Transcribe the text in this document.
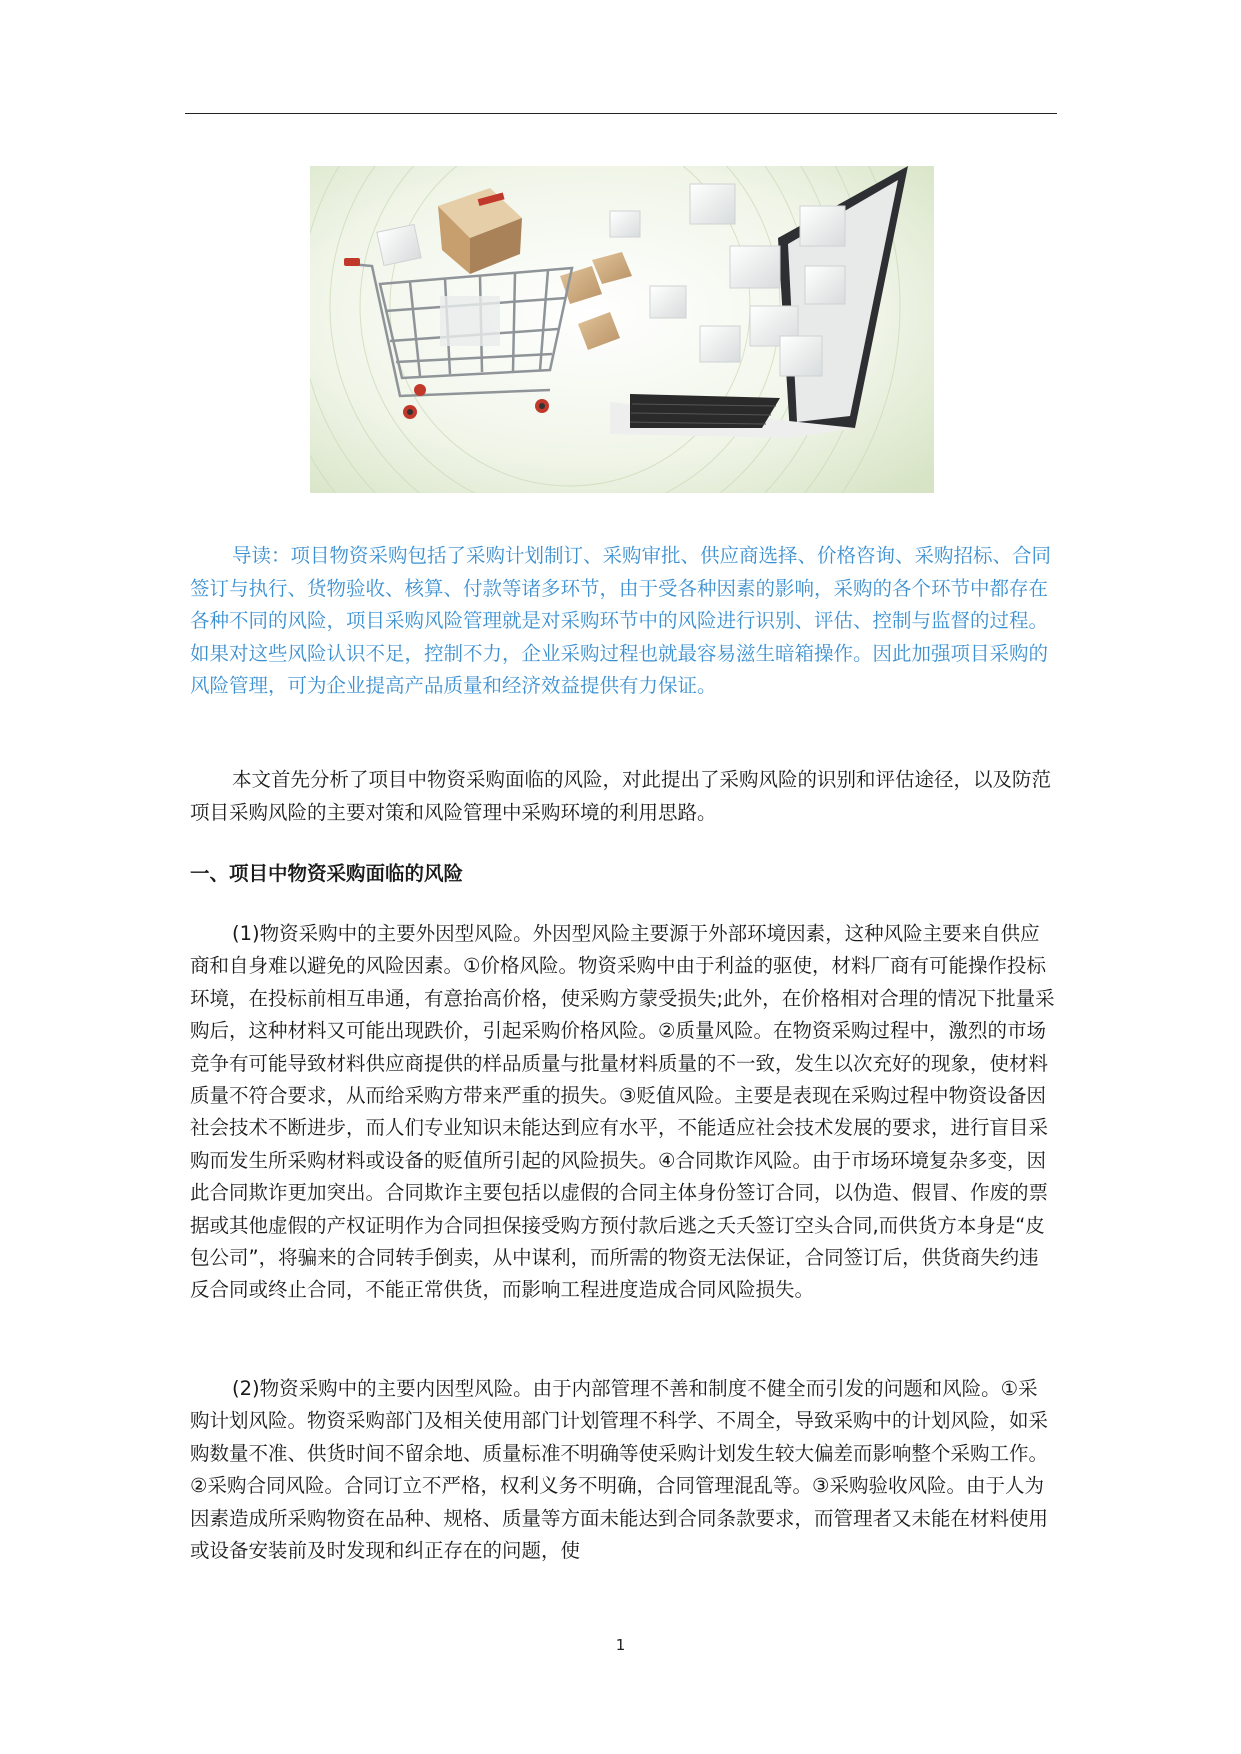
导读：项目物资采购包括了采购计划制订、采购审批、供应商选择、价格咨询、采购招标、合同签订与执行、货物验收、核算、付款等诸多环节，由于受各种因素的影响，采购的各个环节中都存在各种不同的风险，项目采购风险管理就是对采购环节中的风险进行识别、评估、控制与监督的过程。如果对这些风险认识不足，控制不力，企业采购过程也就最容易滋生暗箱操作。因此加强项目采购的风险管理，可为企业提高产品质量和经济效益提供有力保证。

本文首先分析了项目中物资采购面临的风险，对此提出了采购风险的识别和评估途径，以及防范项目采购风险的主要对策和风险管理中采购环境的利用思路。

一、项目中物资采购面临的风险

(1)物资采购中的主要外因型风险。外因型风险主要源于外部环境因素，这种风险主要来自供应商和自身难以避免的风险因素。①价格风险。物资采购中由于利益的驱使，材料厂商有可能操作投标环境，在投标前相互串通，有意抬高价格，使采购方蒙受损失;此外，在价格相对合理的情况下批量采购后，这种材料又可能出现跌价，引起采购价格风险。②质量风险。在物资采购过程中，激烈的市场竞争有可能导致材料供应商提供的样品质量与批量材料质量的不一致，发生以次充好的现象，使材料质量不符合要求，从而给采购方带来严重的损失。③贬值风险。主要是表现在采购过程中物资设备因社会技术不断进步，而人们专业知识未能达到应有水平，不能适应社会技术发展的要求，进行盲目采购而发生所采购材料或设备的贬值所引起的风险损失。④合同欺诈风险。由于市场环境复杂多变，因此合同欺诈更加突出。合同欺诈主要包括以虚假的合同主体身份签订合同，以伪造、假冒、作废的票据或其他虚假的产权证明作为合同担保接受购方预付款后逃之夭夭签订空头合同,而供货方本身是“皮包公司”，将骗来的合同转手倒卖，从中谋利，而所需的物资无法保证，合同签订后，供货商失约违反合同或终止合同，不能正常供货，而影响工程进度造成合同风险损失。

(2)物资采购中的主要内因型风险。由于内部管理不善和制度不健全而引发的问题和风险。①采购计划风险。物资采购部门及相关使用部门计划管理不科学、不周全，导致采购中的计划风险，如采购数量不准、供货时间不留余地、质量标准不明确等使采购计划发生较大偏差而影响整个采购工作。②采购合同风险。合同订立不严格，权利义务不明确，合同管理混乱等。③采购验收风险。由于人为因素造成所采购物资在品种、规格、质量等方面未能达到合同条款要求，而管理者又未能在材料使用或设备安装前及时发现和纠正存在的问题，使

1
